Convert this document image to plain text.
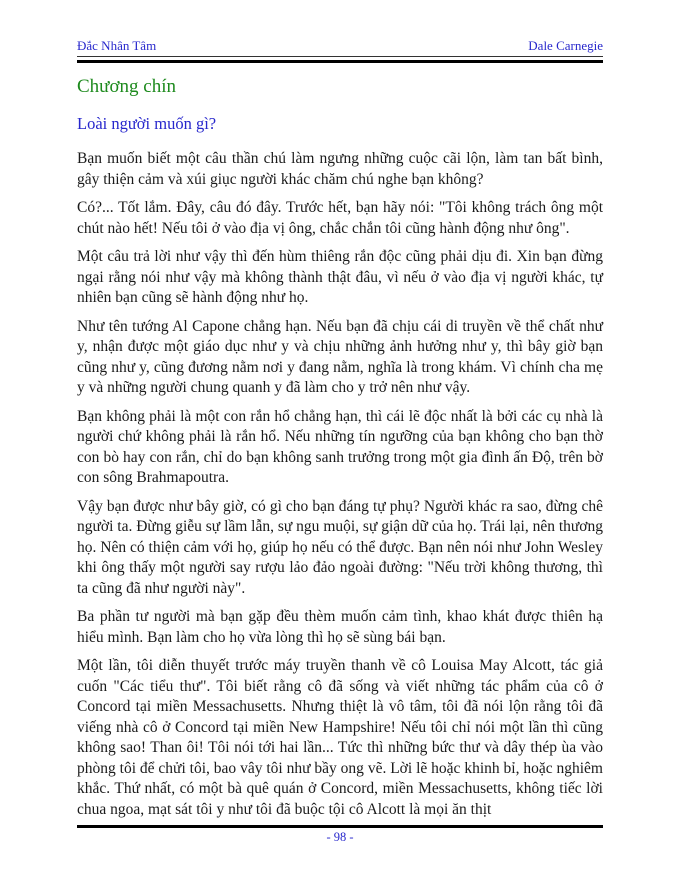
Đắc Nhân Tâm	Dale Carnegie
Chương chín
Loài người muốn gì?

Bạn muốn biết một câu thần chú làm ngưng những cuộc cãi lộn, làm tan bất bình, gây thiện cảm và xúi giục người khác chăm chú nghe bạn không?

Có?... Tốt lắm. Đây, câu đó đây. Trước hết, bạn hãy nói: "Tôi không trách ông một chút nào hết! Nếu tôi ở vào địa vị ông, chắc chắn tôi cũng hành động như ông".

Một câu trả lời như vậy thì đến hùm thiêng rắn độc cũng phải dịu đi. Xin bạn đừng ngại rằng nói như vậy mà không thành thật đâu, vì nếu ở vào địa vị người khác, tự nhiên bạn cũng sẽ hành động như họ.

Như tên tướng Al Capone chẳng hạn. Nếu bạn đã chịu cái di truyền về thể chất như y, nhận được một giáo dục như y và chịu những ảnh hưởng như y, thì bây giờ bạn cũng như y, cũng đương nằm nơi y đang nằm, nghĩa là trong khám. Vì chính cha mẹ y và những người chung quanh y đã làm cho y trở nên như vậy.

Bạn không phải là một con rắn hổ chẳng hạn, thì cái lẽ độc nhất là bởi các cụ nhà là người chứ không phải là rắn hổ. Nếu những tín ngưỡng của bạn không cho bạn thờ con bò hay con rắn, chỉ do bạn không sanh trưởng trong một gia đình ấn Độ, trên bờ con sông Brahmapoutra.

Vậy bạn được như bây giờ, có gì cho bạn đáng tự phụ? Người khác ra sao, đừng chê người ta. Đừng giễu sự lầm lẫn, sự ngu muội, sự giận dữ của họ. Trái lại, nên thương họ. Nên có thiện cảm với họ, giúp họ nếu có thể được. Bạn nên nói như John Wesley khi ông thấy một người say rượu lảo đảo ngoài đường: "Nếu trời không thương, thì ta cũng đã như người này".

Ba phần tư người mà bạn gặp đều thèm muốn cảm tình, khao khát được thiên hạ hiểu mình. Bạn làm cho họ vừa lòng thì họ sẽ sùng bái bạn.

Một lần, tôi diễn thuyết trước máy truyền thanh về cô Louisa May Alcott, tác giả cuốn "Các tiểu thư". Tôi biết rằng cô đã sống và viết những tác phẩm của cô ở Concord tại miền Messachusetts. Nhưng thiệt là vô tâm, tôi đã nói lộn rằng tôi đã viếng nhà cô ở Concord tại miền New Hampshire! Nếu tôi chỉ nói một lần thì cũng không sao! Than ôi! Tôi nói tới hai lần... Tức thì những bức thư và dây thép ùa vào phòng tôi để chửi tôi, bao vây tôi như bầy ong vẽ. Lời lẽ hoặc khinh bỉ, hoặc nghiêm khắc. Thứ nhất, có một bà quê quán ở Concord, miền Messachusetts, không tiếc lời chua ngoa, mạt sát tôi y như tôi đã buộc tội cô Alcott là mọi ăn thịt

- 98 -
